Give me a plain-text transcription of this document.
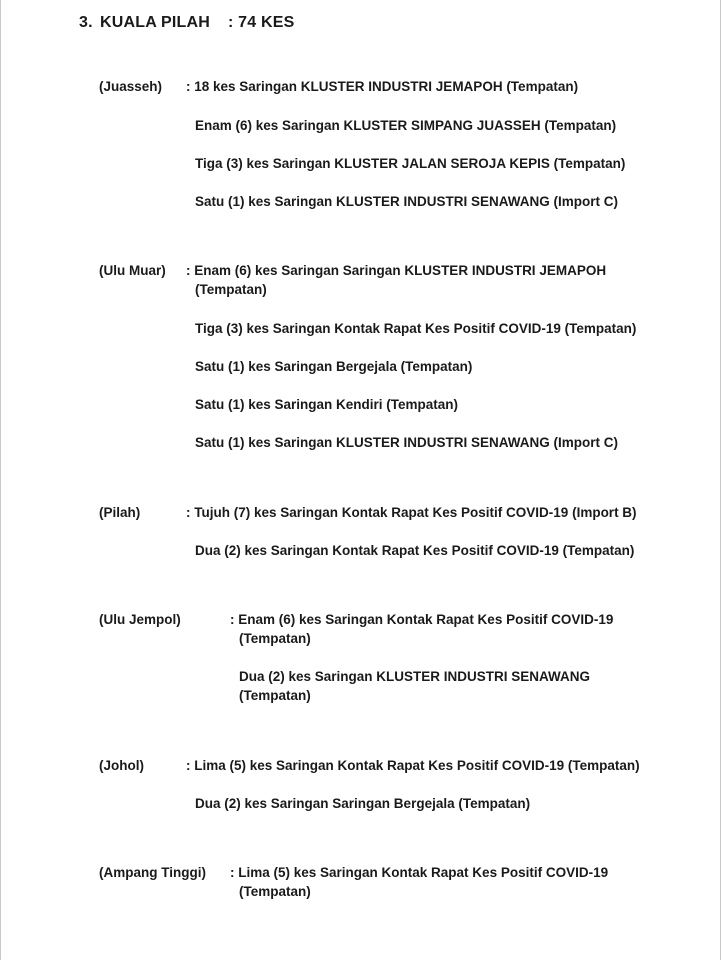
3. KUALA PILAH : 74 KES
(Juasseh) : 18 kes Saringan KLUSTER INDUSTRI JEMAPOH (Tempatan)
Enam (6) kes Saringan KLUSTER SIMPANG JUASSEH (Tempatan)
Tiga (3) kes Saringan KLUSTER JALAN SEROJA KEPIS (Tempatan)
Satu (1) kes Saringan KLUSTER INDUSTRI SENAWANG (Import C)
(Ulu Muar) : Enam (6) kes Saringan Saringan KLUSTER INDUSTRI JEMAPOH
(Tempatan)
Tiga (3) kes Saringan Kontak Rapat Kes Positif COVID-19 (Tempatan)
Satu (1) kes Saringan Bergejala (Tempatan)
Satu (1) kes Saringan Kendiri (Tempatan)
Satu (1) kes Saringan KLUSTER INDUSTRI SENAWANG (Import C)
(Pilah)	: Tujuh (7) kes Saringan Kontak Rapat Kes Positif COVID-19 (Import B)
Dua (2) kes Saringan Kontak Rapat Kes Positif COVID-19 (Tempatan)
(Ulu Jempol)	: Enam (6) kes Saringan Kontak Rapat Kes Positif COVID-19
(Tempatan)
Dua (2) kes Saringan KLUSTER INDUSTRI SENAWANG
(Tempatan)
(Johol)	: Lima (5) kes Saringan Kontak Rapat Kes Positif COVID-19 (Tempatan)
Dua (2) kes Saringan Saringan Bergejala (Tempatan)
(Ampang Tinggi) : Lima (5) kes Saringan Kontak Rapat Kes Positif COVID-19
(Tempatan)
